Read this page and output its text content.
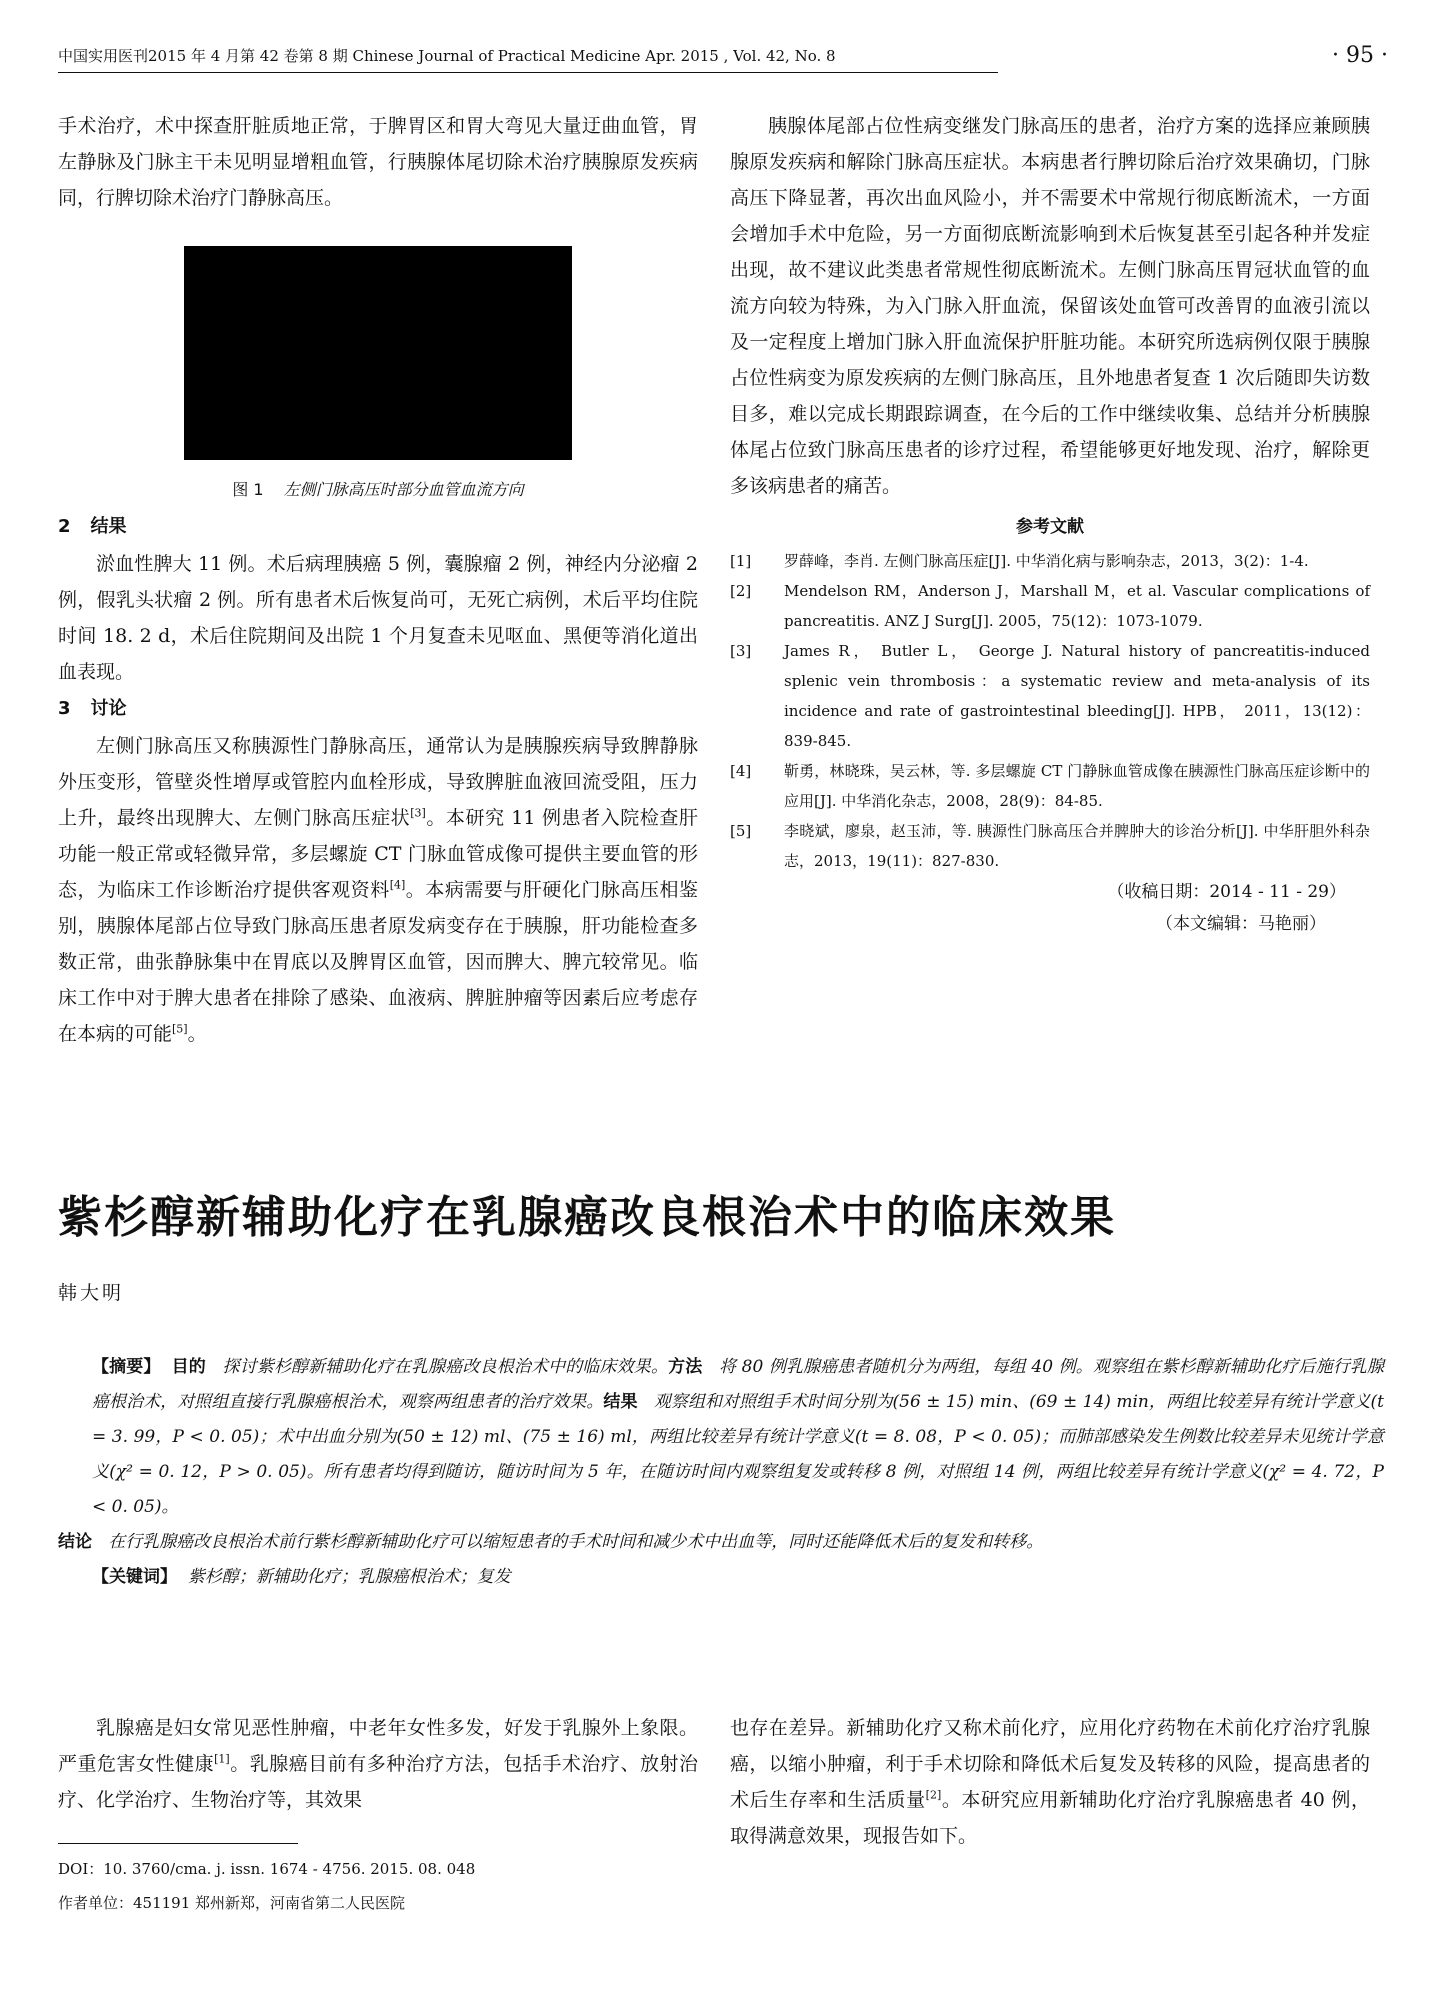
中国实用医刊2015 年 4 月第 42 卷第 8 期 Chinese Journal of Practical Medicine Apr. 2015 , Vol. 42, No. 8	· 95 ·

手术治疗，术中探查肝脏质地正常，于脾胃区和胃大弯见大量迂曲血管，胃左静脉及门脉主干未见明显增粗血管，行胰腺体尾切除术治疗胰腺原发疾病同，行脾切除术治疗门静脉高压。

图 1 左侧门脉高压时部分血管血流方向
2 结果

淤血性脾大 11 例。术后病理胰癌 5 例，囊腺瘤 2 例，神经内分泌瘤 2 例，假乳头状瘤 2 例。所有患者术后恢复尚可，无死亡病例，术后平均住院时间 18. 2 d，术后住院期间及出院 1 个月复查未见呕血、黑便等消化道出血表现。

3 讨论

左侧门脉高压又称胰源性门静脉高压，通常认为是胰腺疾病导致脾静脉外压变形，管壁炎性增厚或管腔内血栓形成，导致脾脏血液回流受阻，压力上升，最终出现脾大、左侧门脉高压症状[3]。本研究 11 例患者入院检查肝功能一般正常或轻微异常，多层螺旋 CT 门脉血管成像可提供主要血管的形态，为临床工作诊断治疗提供客观资料[4]。本病需要与肝硬化门脉高压相鉴别，胰腺体尾部占位导致门脉高压患者原发病变存在于胰腺，肝功能检查多数正常，曲张静脉集中在胃底以及脾胃区血管，因而脾大、脾亢较常见。临床工作中对于脾大患者在排除了感染、血液病、脾脏肿瘤等因素后应考虑存在本病的可能[5]。

胰腺体尾部占位性病变继发门脉高压的患者，治疗方案的选择应兼顾胰腺原发疾病和解除门脉高压症状。本病患者行脾切除后治疗效果确切，门脉高压下降显著，再次出血风险小，并不需要术中常规行彻底断流术，一方面会增加手术中危险，另一方面彻底断流影响到术后恢复甚至引起各种并发症出现，故不建议此类患者常规性彻底断流术。左侧门脉高压胃冠状血管的血流方向较为特殊，为入门脉入肝血流，保留该处血管可改善胃的血液引流以及一定程度上增加门脉入肝血流保护肝脏功能。本研究所选病例仅限于胰腺占位性病变为原发疾病的左侧门脉高压，且外地患者复查 1 次后随即失访数目多，难以完成长期跟踪调查，在今后的工作中继续收集、总结并分析胰腺体尾占位致门脉高压患者的诊疗过程，希望能够更好地发现、治疗，解除更多该病患者的痛苦。

参考文献
[1] 罗薛峰，李肖. 左侧门脉高压症[J]. 中华消化病与影响杂志，2013，3(2)：1-4.
[2] Mendelson RM，Anderson J，Marshall M，et al. Vascular complications of pancreatitis. ANZ J Surg[J]. 2005，75(12)：1073-1079.
[3] James R， Butler L， George J. Natural history of pancreatitis-induced splenic vein thrombosis：a systematic review and meta-analysis of its incidence and rate of gastrointestinal bleeding[J]. HPB， 2011，13(12)：839-845.
[4] 靳勇，林晓珠，吴云林，等. 多层螺旋 CT 门静脉血管成像在胰源性门脉高压症诊断中的应用[J]. 中华消化杂志，2008，28(9)：84-85.
[5] 李晓斌，廖泉，赵玉沛，等. 胰源性门脉高压合并脾肿大的诊治分析[J]. 中华肝胆外科杂志，2013，19(11)：827-830.
（收稿日期：2014 - 11 - 29）
（本文编辑：马艳丽）
紫杉醇新辅助化疗在乳腺癌改良根治术中的临床效果
韩大明

【摘要】 目的 探讨紫杉醇新辅助化疗在乳腺癌改良根治术中的临床效果。方法 将 80 例乳腺癌患者随机分为两组，每组 40 例。观察组在紫杉醇新辅助化疗后施行乳腺癌根治术，对照组直接行乳腺癌根治术，观察两组患者的治疗效果。结果 观察组和对照组手术时间分别为(56 ± 15) min、(69 ± 14) min，两组比较差异有统计学意义(t = 3. 99，P < 0. 05)；术中出血分别为(50 ± 12) ml、(75 ± 16) ml，两组比较差异有统计学意义(t = 8. 08，P < 0. 05)；而肺部感染发生例数比较差异未见统计学意义(χ² = 0. 12，P > 0. 05)。所有患者均得到随访，随访时间为 5 年，在随访时间内观察组复发或转移 8 例，对照组 14 例，两组比较差异有统计学意义(χ² = 4. 72，P < 0. 05)。

结论 在行乳腺癌改良根治术前行紫杉醇新辅助化疗可以缩短患者的手术时间和减少术中出血等，同时还能降低术后的复发和转移。

【关键词】 紫杉醇；新辅助化疗；乳腺癌根治术；复发

乳腺癌是妇女常见恶性肿瘤，中老年女性多发，好发于乳腺外上象限。严重危害女性健康[1]。乳腺癌目前有多种治疗方法，包括手术治疗、放射治疗、化学治疗、生物治疗等，其效果

也存在差异。新辅助化疗又称术前化疗，应用化疗药物在术前化疗治疗乳腺癌，以缩小肿瘤，利于手术切除和降低术后复发及转移的风险，提高患者的术后生存率和生活质量[2]。本研究应用新辅助化疗治疗乳腺癌患者 40 例，取得满意效果，现报告如下。

DOI：10. 3760/cma. j. issn. 1674 - 4756. 2015. 08. 048

作者单位：451191 郑州新郑，河南省第二人民医院
